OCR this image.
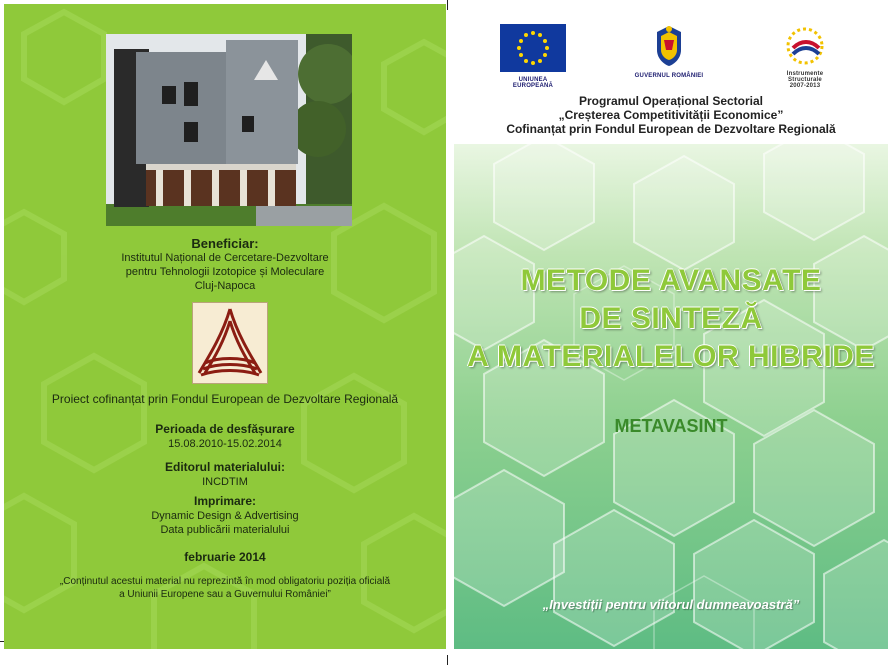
Beneficiar:
Institutul Național de Cercetare-Dezvoltare
pentru Tehnologii Izotopice și Moleculare
Cluj-Napoca
Proiect cofinanțat prin Fondul European de Dezvoltare Regională
Perioada de desfășurare
15.08.2010-15.02.2014
Editorul materialului:
INCDTIM
Imprimare:
Dynamic Design & Advertising
Data publicării materialului
februarie 2014
„Conținutul acestui material nu reprezintă în mod obligatoriu poziția oficială
a Uniunii Europene sau a Guvernului României”
UNIUNEA EUROPEANĂ
GUVERNUL ROMÂNIEI	Instrumente Structurale
2007-2013
Programul Operațional Sectorial
„Creșterea Competitivității Economice”
Cofinanțat prin Fondul European de Dezvoltare Regională
METODE AVANSATE
DE SINTEZĂ
A MATERIALELOR HIBRIDE
METAVASINT
„Investiții pentru viitorul dumneavoastră”
